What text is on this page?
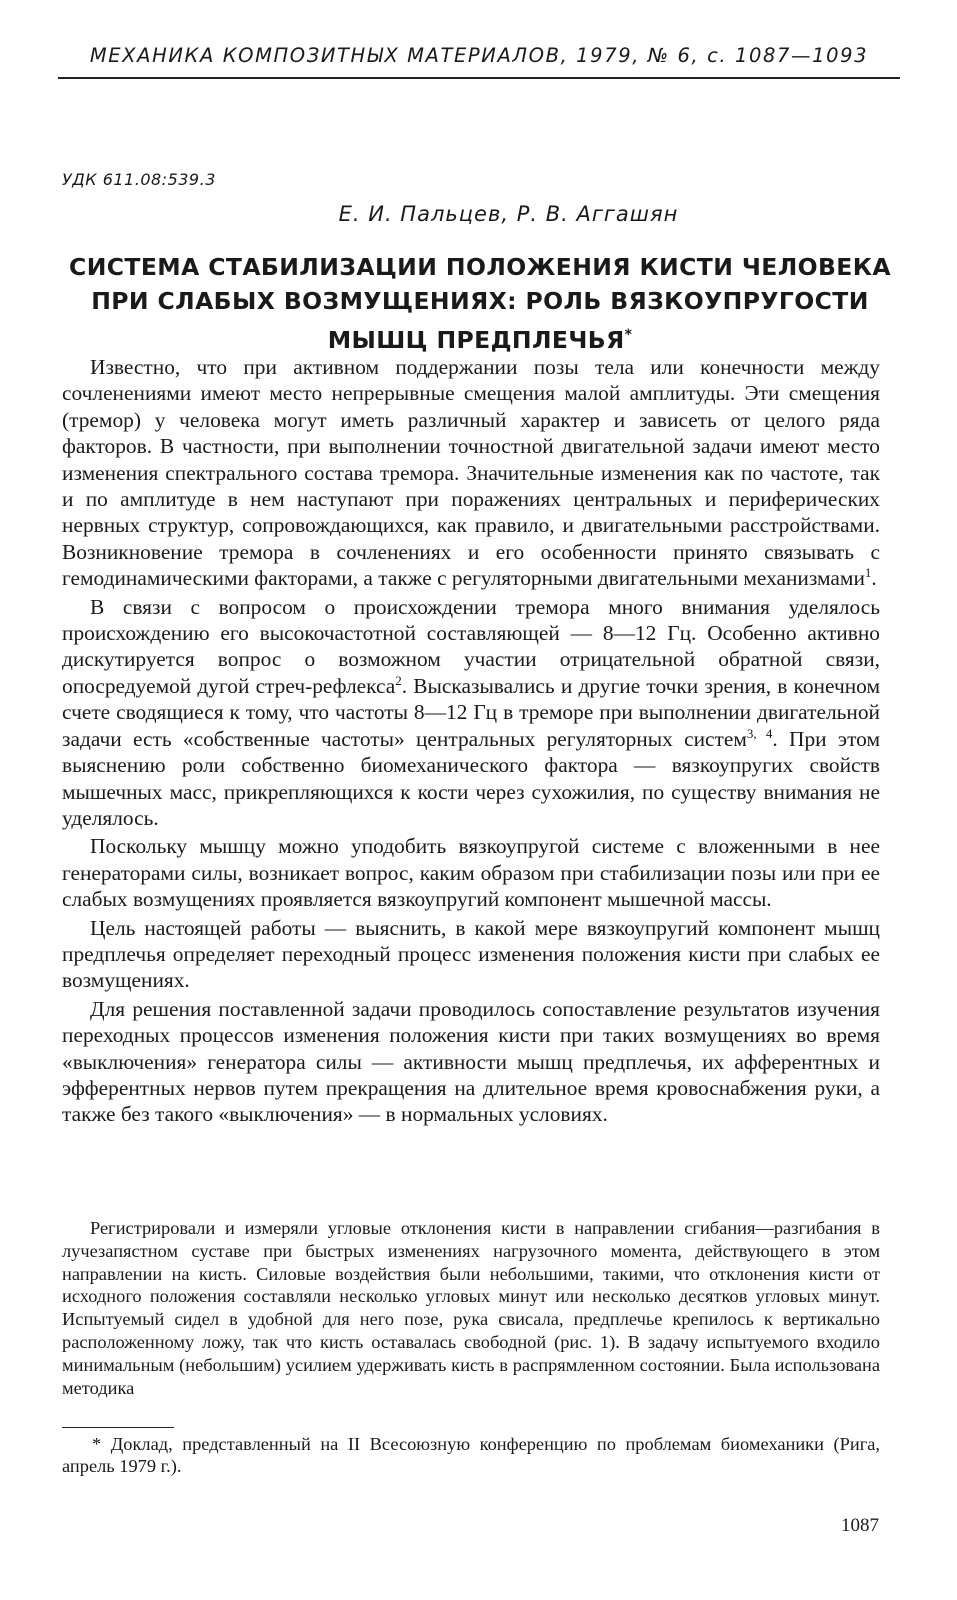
МЕХАНИКА КОМПОЗИТНЫХ МАТЕРИАЛОВ, 1979, № 6, с. 1087—1093
УДК 611.08:539.3
Е. И. Пальцев, Р. В. Аггашян
СИСТЕМА СТАБИЛИЗАЦИИ ПОЛОЖЕНИЯ КИСТИ ЧЕЛОВЕКА
ПРИ СЛАБЫХ ВОЗМУЩЕНИЯХ: РОЛЬ ВЯЗКОУПРУГОСТИ
МЫШЦ ПРЕДПЛЕЧЬЯ*

Известно, что при активном поддержании позы тела или конечности между сочленениями имеют место непрерывные смещения малой амплитуды. Эти смещения (тремор) у человека могут иметь различный характер и зависеть от целого ряда факторов. В частности, при выполнении точностной двигательной задачи имеют место изменения спектрального состава тремора. Значительные изменения как по частоте, так и по амплитуде в нем наступают при поражениях центральных и периферических нервных структур, сопровождающихся, как правило, и двигательными расстройствами. Возникновение тремора в сочленениях и его особенности принято связывать с гемодинамическими факторами, а также с регуляторными двигательными механизмами$^1$.

В связи с вопросом о происхождении тремора много внимания уделялось происхождению его высокочастотной составляющей — 8—12 Гц. Особенно активно дискутируется вопрос о возможном участии отрицательной обратной связи, опосредуемой дугой стреч-рефлекса$^2$. Высказывались и другие точки зрения, в конечном счете сводящиеся к тому, что частоты 8—12 Гц в треморе при выполнении двигательной задачи есть «собственные частоты» центральных регуляторных систем$^{3, 4}$. При этом выяснению роли собственно биомеханического фактора — вязкоупругих свойств мышечных масс, прикрепляющихся к кости через сухожилия, по существу внимания не уделялось.

Поскольку мышцу можно уподобить вязкоупругой системе с вложенными в нее генераторами силы, возникает вопрос, каким образом при стабилизации позы или при ее слабых возмущениях проявляется вязкоупругий компонент мышечной массы.

Цель настоящей работы — выяснить, в какой мере вязкоупругий компонент мышц предплечья определяет переходный процесс изменения положения кисти при слабых ее возмущениях.

Для решения поставленной задачи проводилось сопоставление результатов изучения переходных процессов изменения положения кисти при таких возмущениях во время «выключения» генератора силы — активности мышц предплечья, их афферентных и эфферентных нервов путем прекращения на длительное время кровоснабжения руки, а также без такого «выключения» — в нормальных условиях.

Регистрировали и измеряли угловые отклонения кисти в направлении сгибания—разгибания в лучезапястном суставе при быстрых изменениях нагрузочного момента, действующего в этом направлении на кисть. Силовые воздействия были небольшими, такими, что отклонения кисти от исходного положения составляли несколько угловых минут или несколько десятков угловых минут. Испытуемый сидел в удобной для него позе, рука свисала, предплечье крепилось к вертикально расположенному ложу, так что кисть оставалась свободной (рис. 1). В задачу испытуемого входило минимальным (небольшим) усилием удерживать кисть в распрямленном состоянии. Была использована методика

* Доклад, представленный на II Всесоюзную конференцию по проблемам биомеханики (Рига, апрель 1979 г.).

1087
